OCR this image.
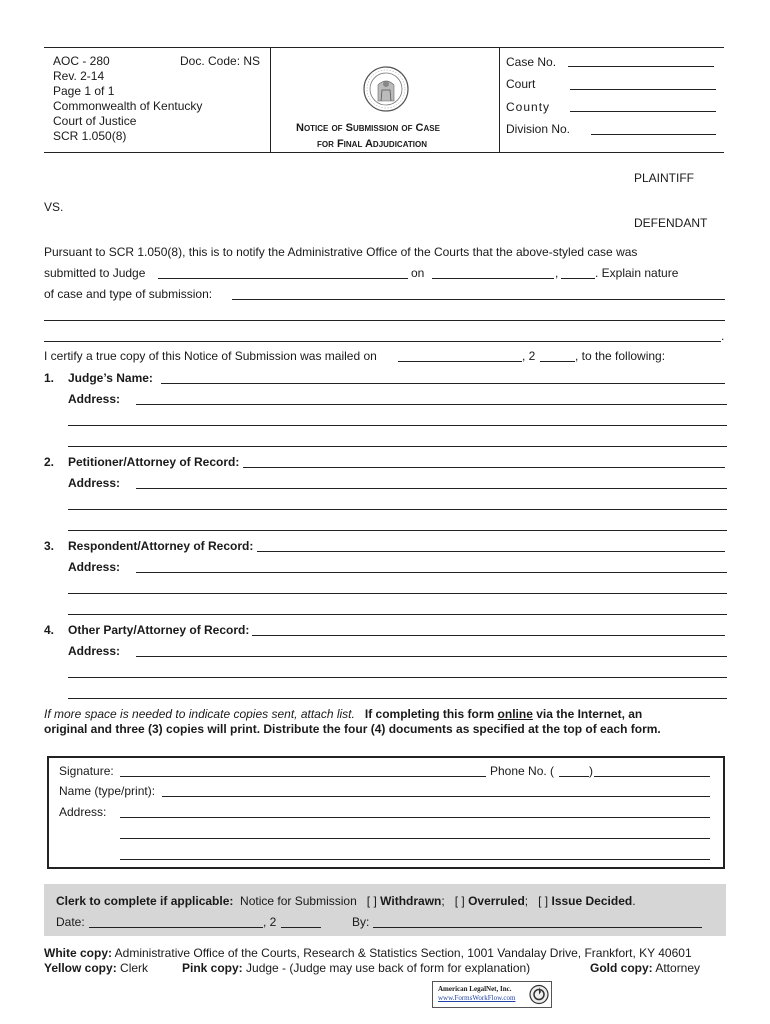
AOC - 280	Doc. Code: NS
Rev. 2-14
Page 1 of 1
Commonwealth of Kentucky
Court of Justice
SCR 1.050(8)
Notice of Submission of Case
for Final Adjudication
Case No.
Court
County
Division No.
PLAINTIFF
VS.
DEFENDANT
Pursuant to SCR 1.050(8), this is to notify the Administrative Office of the Courts that the above-styled case was
submitted to Judge	on	,	. Explain nature
of case and type of submission:
.
I certify a true copy of this Notice of Submission was mailed on	, 2	, to the following:
1. Judge’s Name:
Address:
2. Petitioner/Attorney of Record:
Address:
3. Respondent/Attorney of Record:
Address:
4. Other Party/Attorney of Record:
Address:
If more space is needed to indicate copies sent, attach list. If completing this form online via the Internet, an
original and three (3) copies will print. Distribute the four (4) documents as specified at the top of each form.
Signature:	Phone No. (	)
Name (type/print):
Address:
Clerk to complete if applicable: Notice for Submission [ ] Withdrawn; [ ] Overruled; [ ] Issue Decided.
Date:	, 2	By:
White copy: Administrative Office of the Courts, Research & Statistics Section, 1001 Vandalay Drive, Frankfort, KY 40601
Yellow copy: Clerk	Pink copy: Judge - (Judge may use back of form for explanation)	Gold copy: Attorney
American LegalNet, Inc.
www.FormsWorkFlow.com
